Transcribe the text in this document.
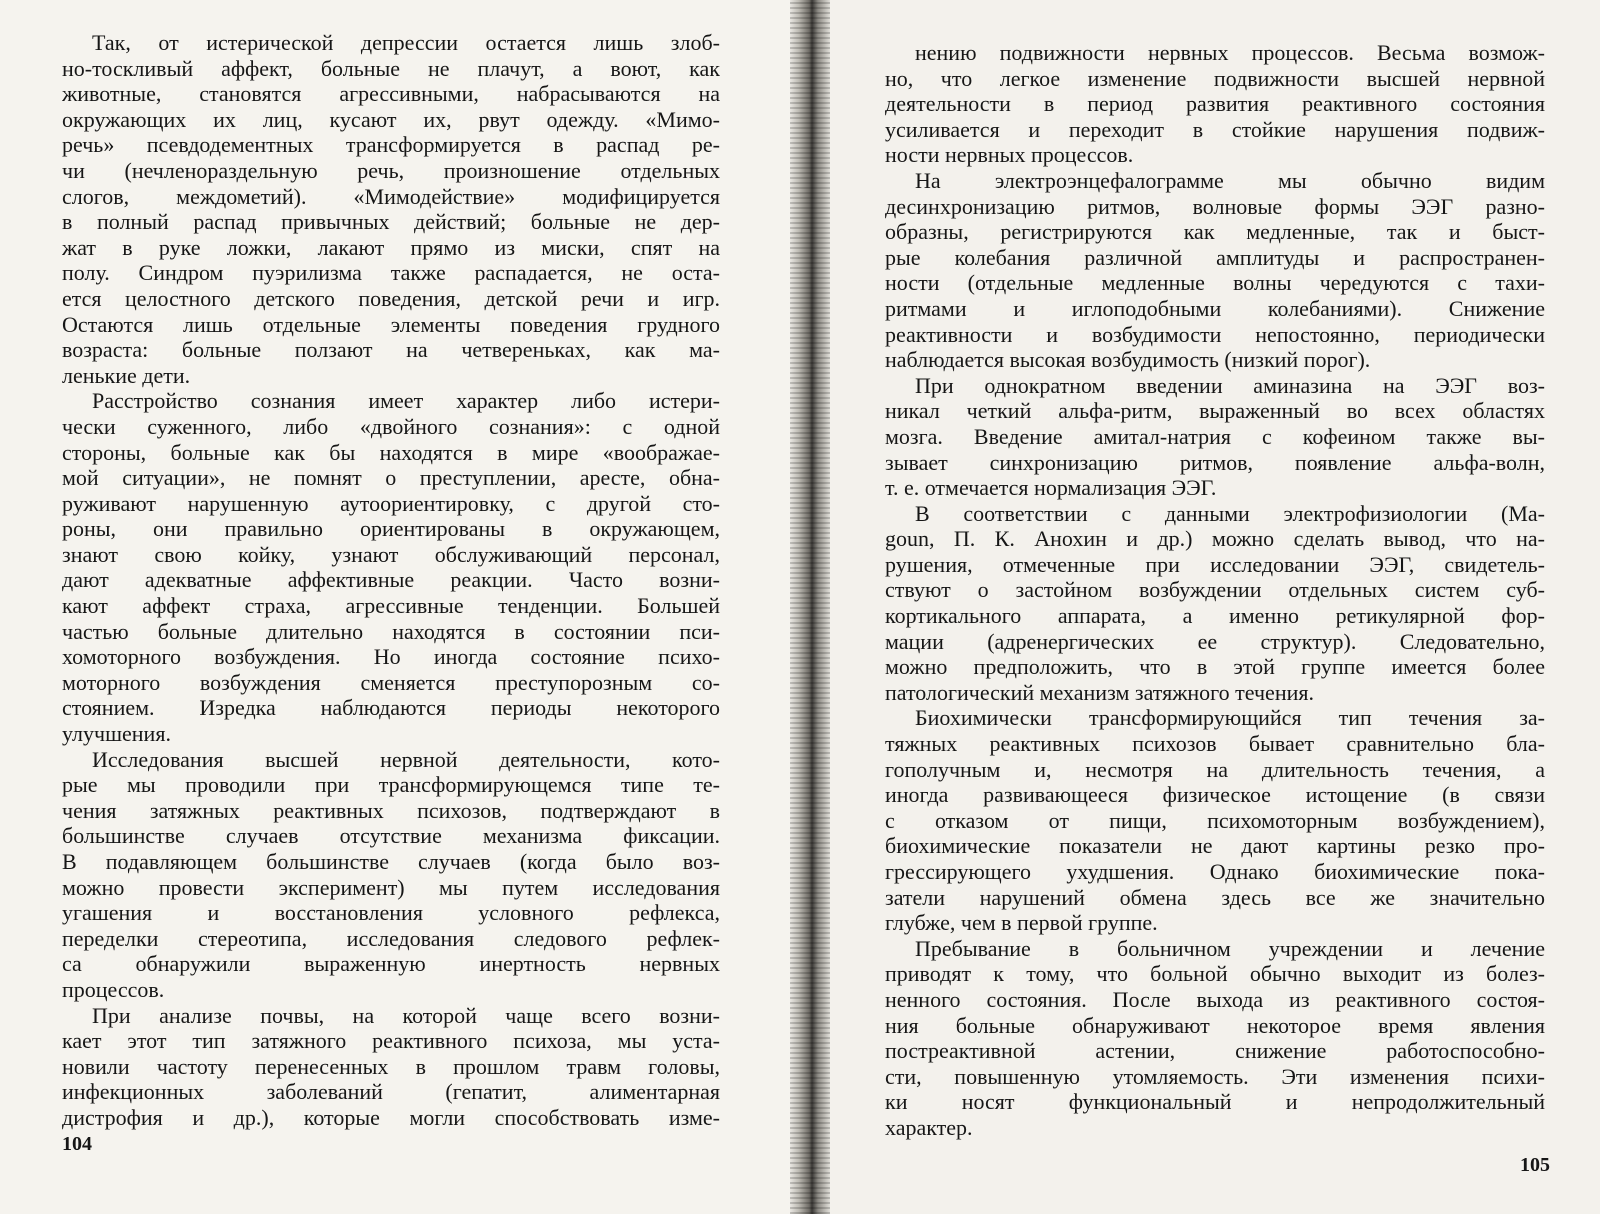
Так, от истерической депрессии остается лишь злоб-
но-тоскливый аффект, больные не плачут, а воют, как
животные, становятся агрессивными, набрасываются на
окружающих их лиц, кусают их, рвут одежду. «Мимо-
речь» псевдодементных трансформируется в распад ре-
чи (нечленораздельную речь, произношение отдельных
слогов, междометий). «Мимодействие» модифицируется
в полный распад привычных действий; больные не дер-
жат в руке ложки, лакают прямо из миски, спят на
полу. Синдром пуэрилизма также распадается, не оста-
ется целостного детского поведения, детской речи и игр.
Остаются лишь отдельные элементы поведения грудного
возраста: больные ползают на четвереньках, как ма-
ленькие дети.
Расстройство сознания имеет характер либо истери-
чески суженного, либо «двойного сознания»: с одной
стороны, больные как бы находятся в мире «воображае-
мой ситуации», не помнят о преступлении, аресте, обна-
руживают нарушенную аутоориентировку, с другой сто-
роны, они правильно ориентированы в окружающем,
знают свою койку, узнают обслуживающий персонал,
дают адекватные аффективные реакции. Часто возни-
кают аффект страха, агрессивные тенденции. Большей
частью больные длительно находятся в состоянии пси-
хомоторного возбуждения. Но иногда состояние психо-
моторного возбуждения сменяется преступорозным со-
стоянием. Изредка наблюдаются периоды некоторого
улучшения.
Исследования высшей нервной деятельности, кото-
рые мы проводили при трансформирующемся типе те-
чения затяжных реактивных психозов, подтверждают в
большинстве случаев отсутствие механизма фиксации.
В подавляющем большинстве случаев (когда было воз-
можно провести эксперимент) мы путем исследования
угашения и восстановления условного рефлекса,
переделки стереотипа, исследования следового рефлек-
са обнаружили выраженную инертность нервных
процессов.
При анализе почвы, на которой чаще всего возни-
кает этот тип затяжного реактивного психоза, мы уста-
новили частоту перенесенных в прошлом травм головы,
инфекционных заболеваний (гепатит, алиментарная
дистрофия и др.), которые могли способствовать изме-
104
нению подвижности нервных процессов. Весьма возмож-
но, что легкое изменение подвижности высшей нервной
деятельности в период развития реактивного состояния
усиливается и переходит в стойкие нарушения подвиж-
ности нервных процессов.
На электроэнцефалограмме мы обычно видим
десинхронизацию ритмов, волновые формы ЭЭГ разно-
образны, регистрируются как медленные, так и быст-
рые колебания различной амплитуды и распространен-
ности (отдельные медленные волны чередуются с тахи-
ритмами и иглоподобными колебаниями). Снижение
реактивности и возбудимости непостоянно, периодически
наблюдается высокая возбудимость (низкий порог).
При однократном введении аминазина на ЭЭГ воз-
никал четкий альфа-ритм, выраженный во всех областях
мозга. Введение амитал-натрия с кофеином также вы-
зывает синхронизацию ритмов, появление альфа-волн,
т. е. отмечается нормализация ЭЭГ.
В соответствии с данными электрофизиологии (Ма-
goun, П. К. Анохин и др.) можно сделать вывод, что на-
рушения, отмеченные при исследовании ЭЭГ, свидетель-
ствуют о застойном возбуждении отдельных систем суб-
кортикального аппарата, а именно ретикулярной фор-
мации (адренергических ее структур). Следовательно,
можно предположить, что в этой группе имеется более
патологический механизм затяжного течения.
Биохимически трансформирующийся тип течения за-
тяжных реактивных психозов бывает сравнительно бла-
гополучным и, несмотря на длительность течения, а
иногда развивающееся физическое истощение (в связи
с отказом от пищи, психомоторным возбуждением),
биохимические показатели не дают картины резко про-
грессирующего ухудшения. Однако биохимические пока-
затели нарушений обмена здесь все же значительно
глубже, чем в первой группе.
Пребывание в больничном учреждении и лечение
приводят к тому, что больной обычно выходит из болез-
ненного состояния. После выхода из реактивного состоя-
ния больные обнаруживают некоторое время явления
постреактивной астении, снижение работоспособно-
сти, повышенную утомляемость. Эти изменения психи-
ки носят функциональный и непродолжительный
характер.
105
